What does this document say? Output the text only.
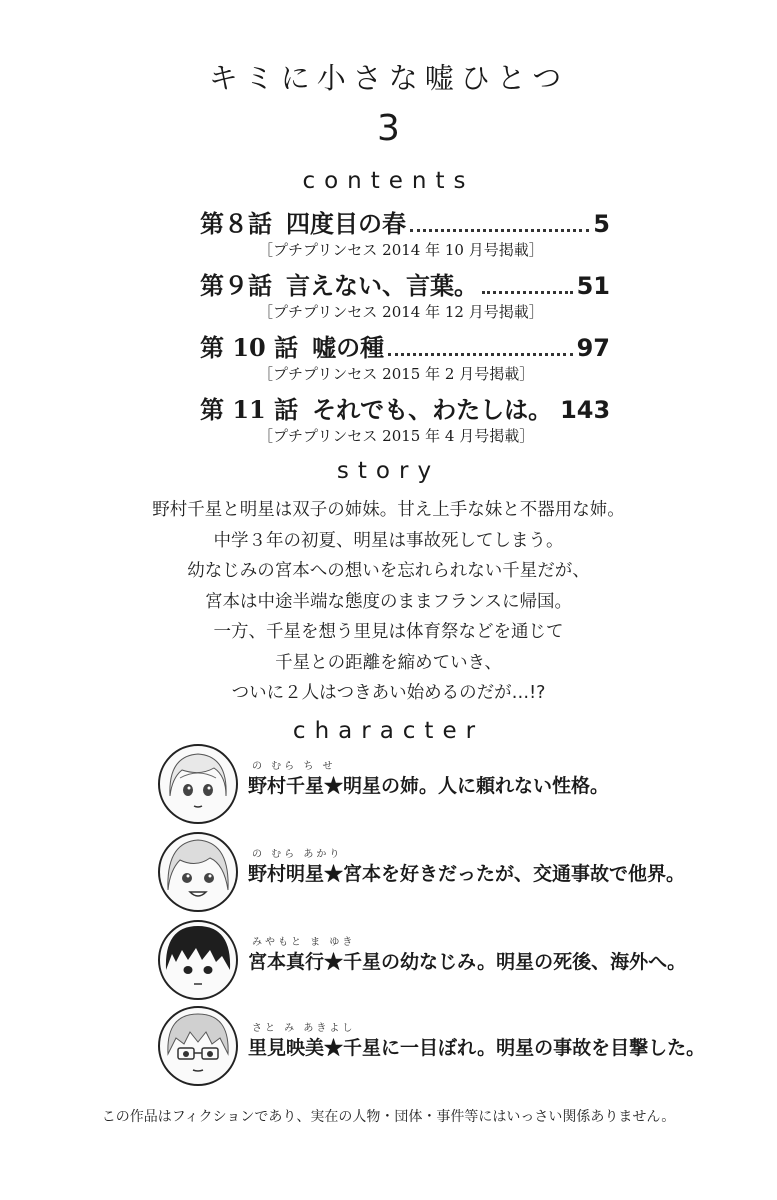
キミに小さな嘘ひとつ
3
contents
第８話 四度目の春	5
［プチプリンセス 2014 年 10 月号掲載］
第９話 言えない、言葉。	51
［プチプリンセス 2014 年 12 月号掲載］
第 10 話 嘘の種	97
［プチプリンセス 2015 年 2 月号掲載］
第 11 話 それでも、わたしは。 143
［プチプリンセス 2015 年 4 月号掲載］
story
野村千星と明星は双子の姉妹。甘え上手な妹と不器用な姉。
中学３年の初夏、明星は事故死してしまう。
幼なじみの宮本への想いを忘れられない千星だが、
宮本は中途半端な態度のままフランスに帰国。
一方、千星を想う里見は体育祭などを通じて
千星との距離を縮めていき、
ついに２人はつきあい始めるのだが…!?
character
の むら ち せ
野村千星★明星の姉。人に頼れない性格。
の むら あかり
野村明星★宮本を好きだったが、交通事故で他界。
みやもと ま ゆき
宮本真行★千星の幼なじみ。明星の死後、海外へ。
さと み あきよし
里見映美★千星に一目ぼれ。明星の事故を目撃した。
この作品はフィクションであり、実在の人物・団体・事件等にはいっさい関係ありません。
